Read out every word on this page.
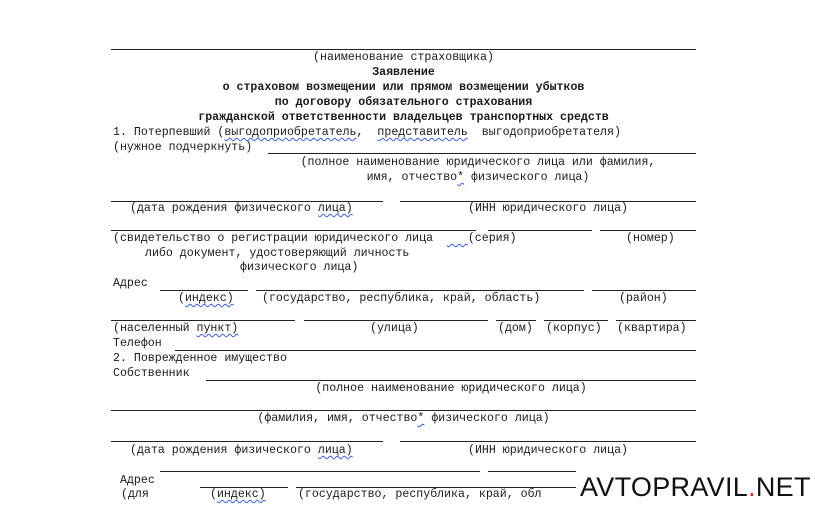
(наименование страховщика)
Заявление
о страховом возмещении или прямом возмещении убытков
по договору обязательного страхования
гражданской ответственности владельцев транспортных средств
1. Потерпевший (выгодоприобретатель,  представитель  выгодоприобретателя)
(нужное подчеркнуть)
(полное наименование юридического лица или фамилия,
имя, отчество* физического лица)
(дата рождения физического лица)	(ИНН юридического лица)
(свидетельство о регистрации юридического лица     (серия)	(номер)
либо документ, удостоверяющий личность
физического лица)
Адрес
(индекс) (государство, республика, край, область)	(район)
(населенный пункт)	(улица)	(дом) (корпус) (квартира)
Телефон
2. Поврежденное имущество
Собственник
(полное наименование юридического лица)
(фамилия, имя, отчество* физического лица)
(дата рождения физического лица)	(ИНН юридического лица)
Адрес
(для	(индекс)	(государство, республика, край, обл AVTOPRAVIL.NET
